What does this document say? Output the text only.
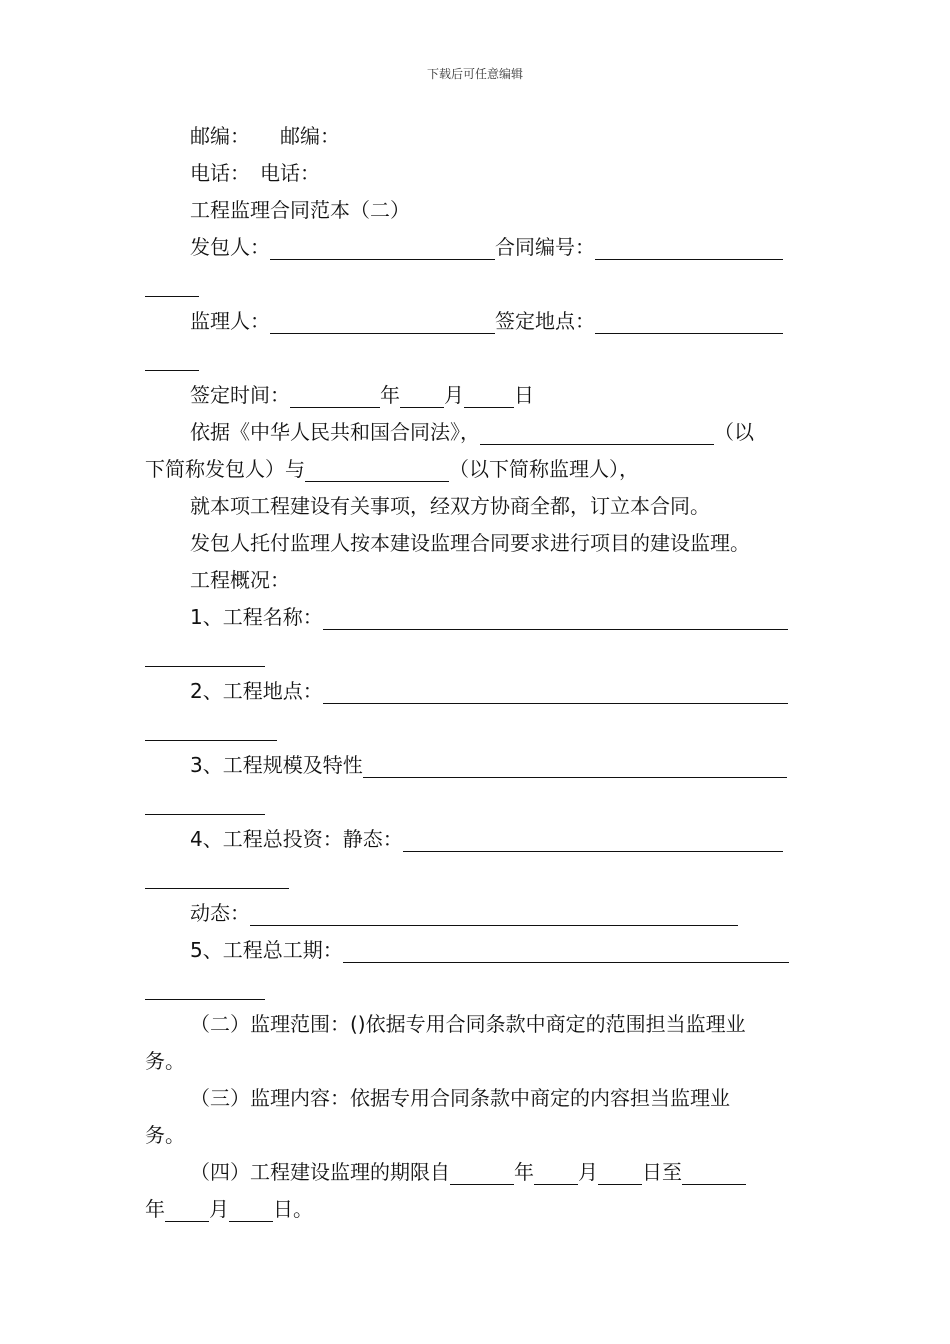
下载后可任意编辑
邮编：　　邮编：
电话：　电话：
工程监理合同范本（二）
发包人：	合同编号：
监理人：	签定地点：
签定时间：	年 月	日
依据《中华人民共和国合同法》，	（以
下简称发包人）与	（以下简称监理人），
就本项工程建设有关事项，经双方协商全都，订立本合同。
发包人托付监理人按本建设监理合同要求进行项目的建设监理。
工程概况：
1、工程名称：
2、工程地点：
3、工程规模及特性
4、工程总投资：静态：
动态：
5、工程总工期：
（二）监理范围：()依据专用合同条款中商定的范围担当监理业
务。
（三）监理内容：依据专用合同条款中商定的内容担当监理业
务。
（四）工程建设监理的期限自	年 月 日至
年 月 日。
